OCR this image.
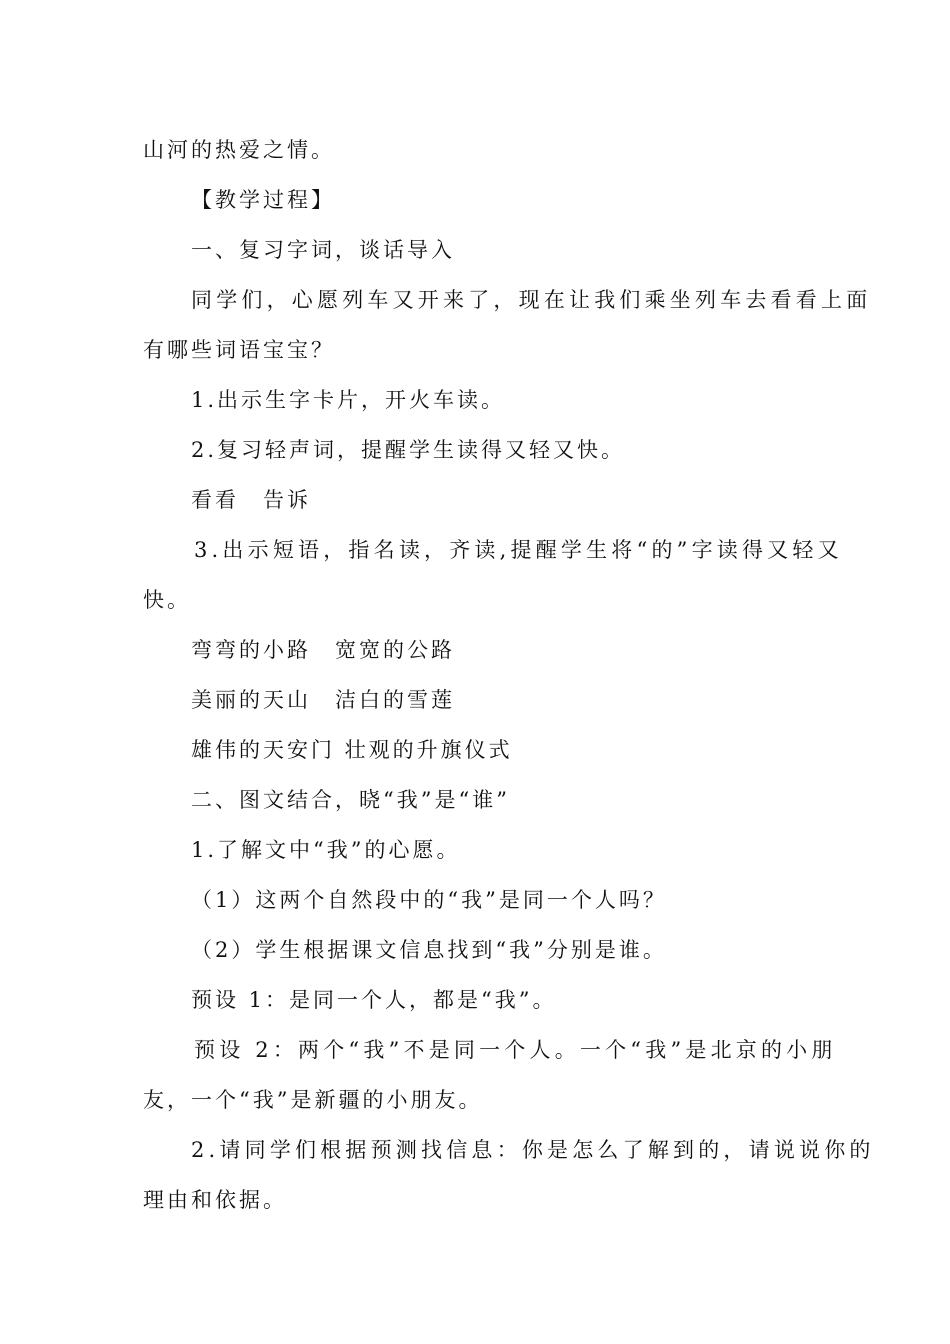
山河的热爱之情。
【教学过程】
一、复习字词，谈话导入
同学们，心愿列车又开来了，现在让我们乘坐列车去看看上面
有哪些词语宝宝？
1.出示生字卡片，开火车读。
2.复习轻声词，提醒学生读得又轻又快。
看看　告诉
3.出示短语，指名读，齐读,提醒学生将“的”字读得又轻又
快。
弯弯的小路　宽宽的公路
美丽的天山　洁白的雪莲
雄伟的天安门 壮观的升旗仪式
二、图文结合，晓“我”是“谁”
1.了解文中“我”的心愿。
（1）这两个自然段中的“我”是同一个人吗？
（2）学生根据课文信息找到“我”分别是谁。
预设 1：是同一个人，都是“我”。
预设 2：两个“我”不是同一个人。一个“我”是北京的小朋
友，一个“我”是新疆的小朋友。
2.请同学们根据预测找信息：你是怎么了解到的，请说说你的
理由和依据。
